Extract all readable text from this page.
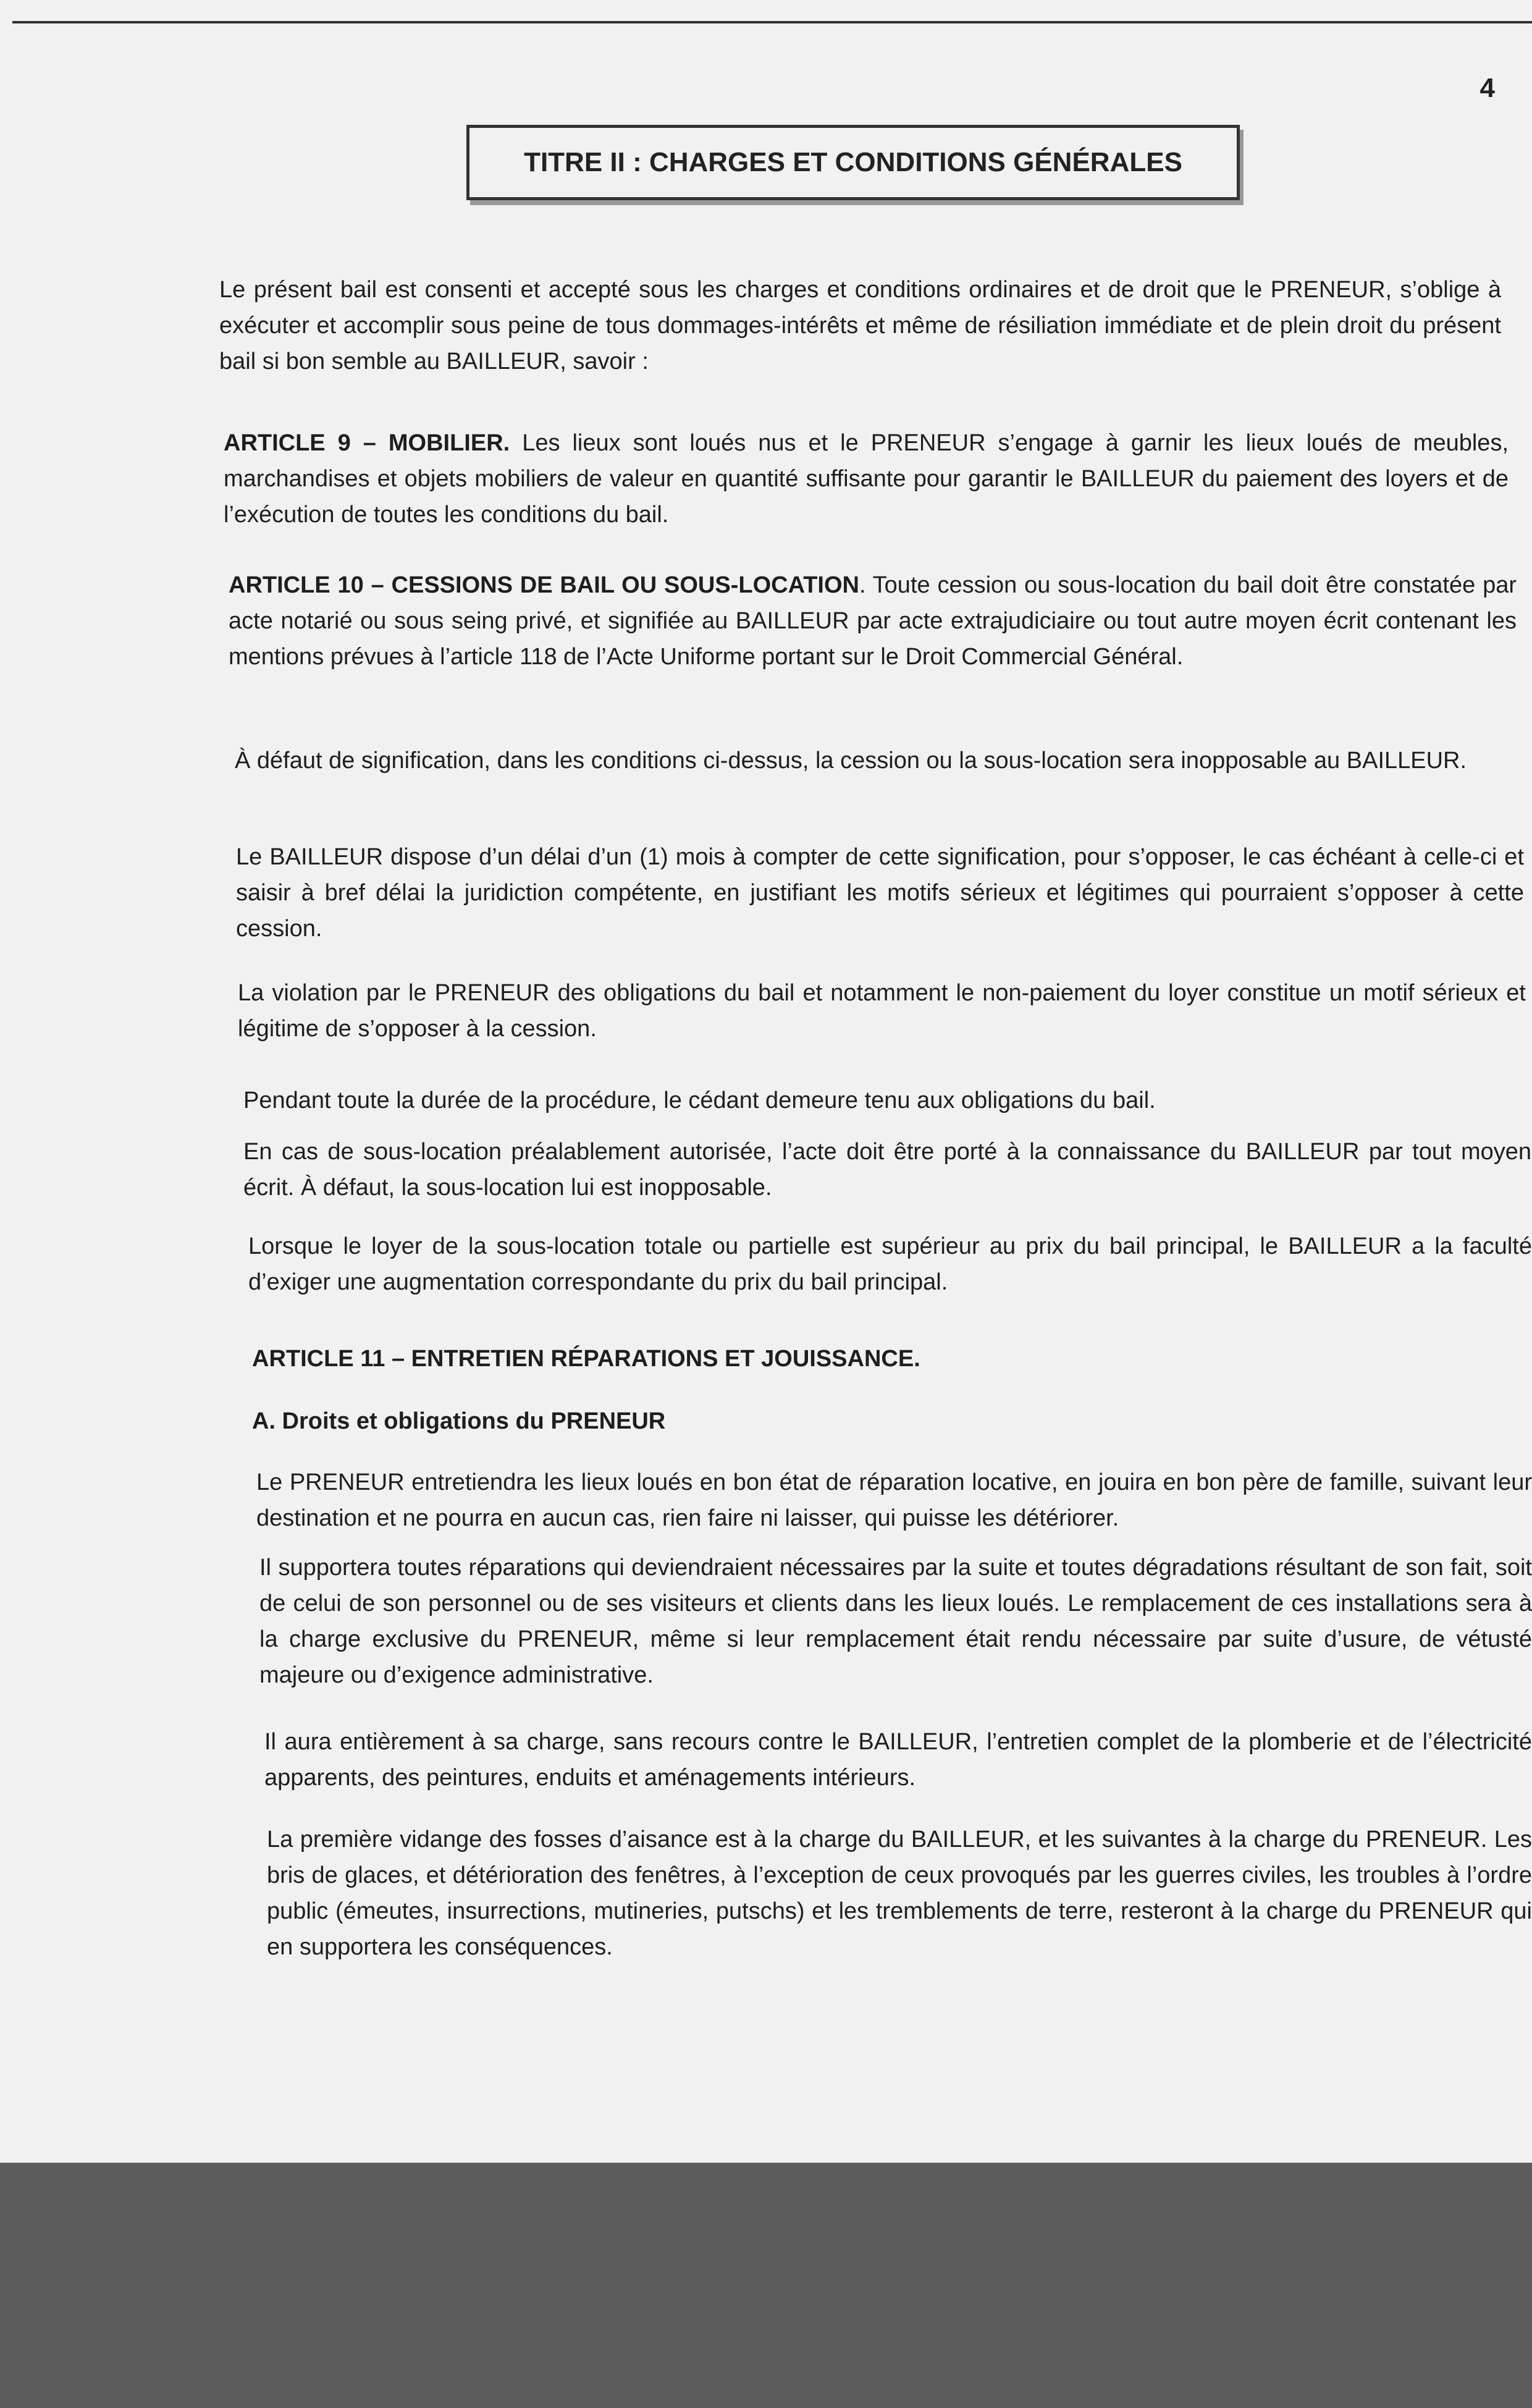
4
TITRE II : CHARGES ET CONDITIONS GÉNÉRALES

Le présent bail est consenti et accepté sous les charges et conditions ordinaires et de droit que le PRENEUR, s’oblige à exécuter et accomplir sous peine de tous dommages-intérêts et même de résiliation immédiate et de plein droit du présent bail si bon semble au BAILLEUR, savoir :

ARTICLE 9 – MOBILIER. Les lieux sont loués nus et le PRENEUR s’engage à garnir les lieux loués de meubles, marchandises et objets mobiliers de valeur en quantité suffisante pour garantir le BAILLEUR du paiement des loyers et de l’exécution de toutes les conditions du bail.

ARTICLE 10 – CESSIONS DE BAIL OU SOUS-LOCATION. Toute cession ou sous-location du bail doit être constatée par acte notarié ou sous seing privé, et signifiée au BAILLEUR par acte extrajudiciaire ou tout autre moyen écrit contenant les mentions prévues à l’article 118 de l’Acte Uniforme portant sur le Droit Commercial Général.

À défaut de signification, dans les conditions ci-dessus, la cession ou la sous-location sera inopposable au BAILLEUR.

Le BAILLEUR dispose d’un délai d’un (1) mois à compter de cette signification, pour s’opposer, le cas échéant à celle-ci et saisir à bref délai la juridiction compétente, en justifiant les motifs sérieux et légitimes qui pourraient s’opposer à cette cession.

La violation par le PRENEUR des obligations du bail et notamment le non-paiement du loyer constitue un motif sérieux et légitime de s’opposer à la cession.

Pendant toute la durée de la procédure, le cédant demeure tenu aux obligations du bail.

En cas de sous-location préalablement autorisée, l’acte doit être porté à la connaissance du BAILLEUR par tout moyen écrit. À défaut, la sous-location lui est inopposable.

Lorsque le loyer de la sous-location totale ou partielle est supérieur au prix du bail principal, le BAILLEUR a la faculté d’exiger une augmentation correspondante du prix du bail principal.

ARTICLE 11 – ENTRETIEN RÉPARATIONS ET JOUISSANCE.

A. Droits et obligations du PRENEUR

Le PRENEUR entretiendra les lieux loués en bon état de réparation locative, en jouira en bon père de famille, suivant leur destination et ne pourra en aucun cas, rien faire ni laisser, qui puisse les détériorer.

Il supportera toutes réparations qui deviendraient nécessaires par la suite et toutes dégradations résultant de son fait, soit de celui de son personnel ou de ses visiteurs et clients dans les lieux loués. Le remplacement de ces installations sera à la charge exclusive du PRENEUR, même si leur remplacement était rendu nécessaire par suite d’usure, de vétusté majeure ou d’exigence administrative.

Il aura entièrement à sa charge, sans recours contre le BAILLEUR, l’entretien complet de la plomberie et de l’électricité apparents, des peintures, enduits et aménagements intérieurs.

La première vidange des fosses d’aisance est à la charge du BAILLEUR, et les suivantes à la charge du PRENEUR. Les bris de glaces, et détérioration des fenêtres, à l’exception de ceux provoqués par les guerres civiles, les troubles à l’ordre public (émeutes, insurrections, mutineries, putschs) et les tremblements de terre, resteront à la charge du PRENEUR qui en supportera les conséquences.
